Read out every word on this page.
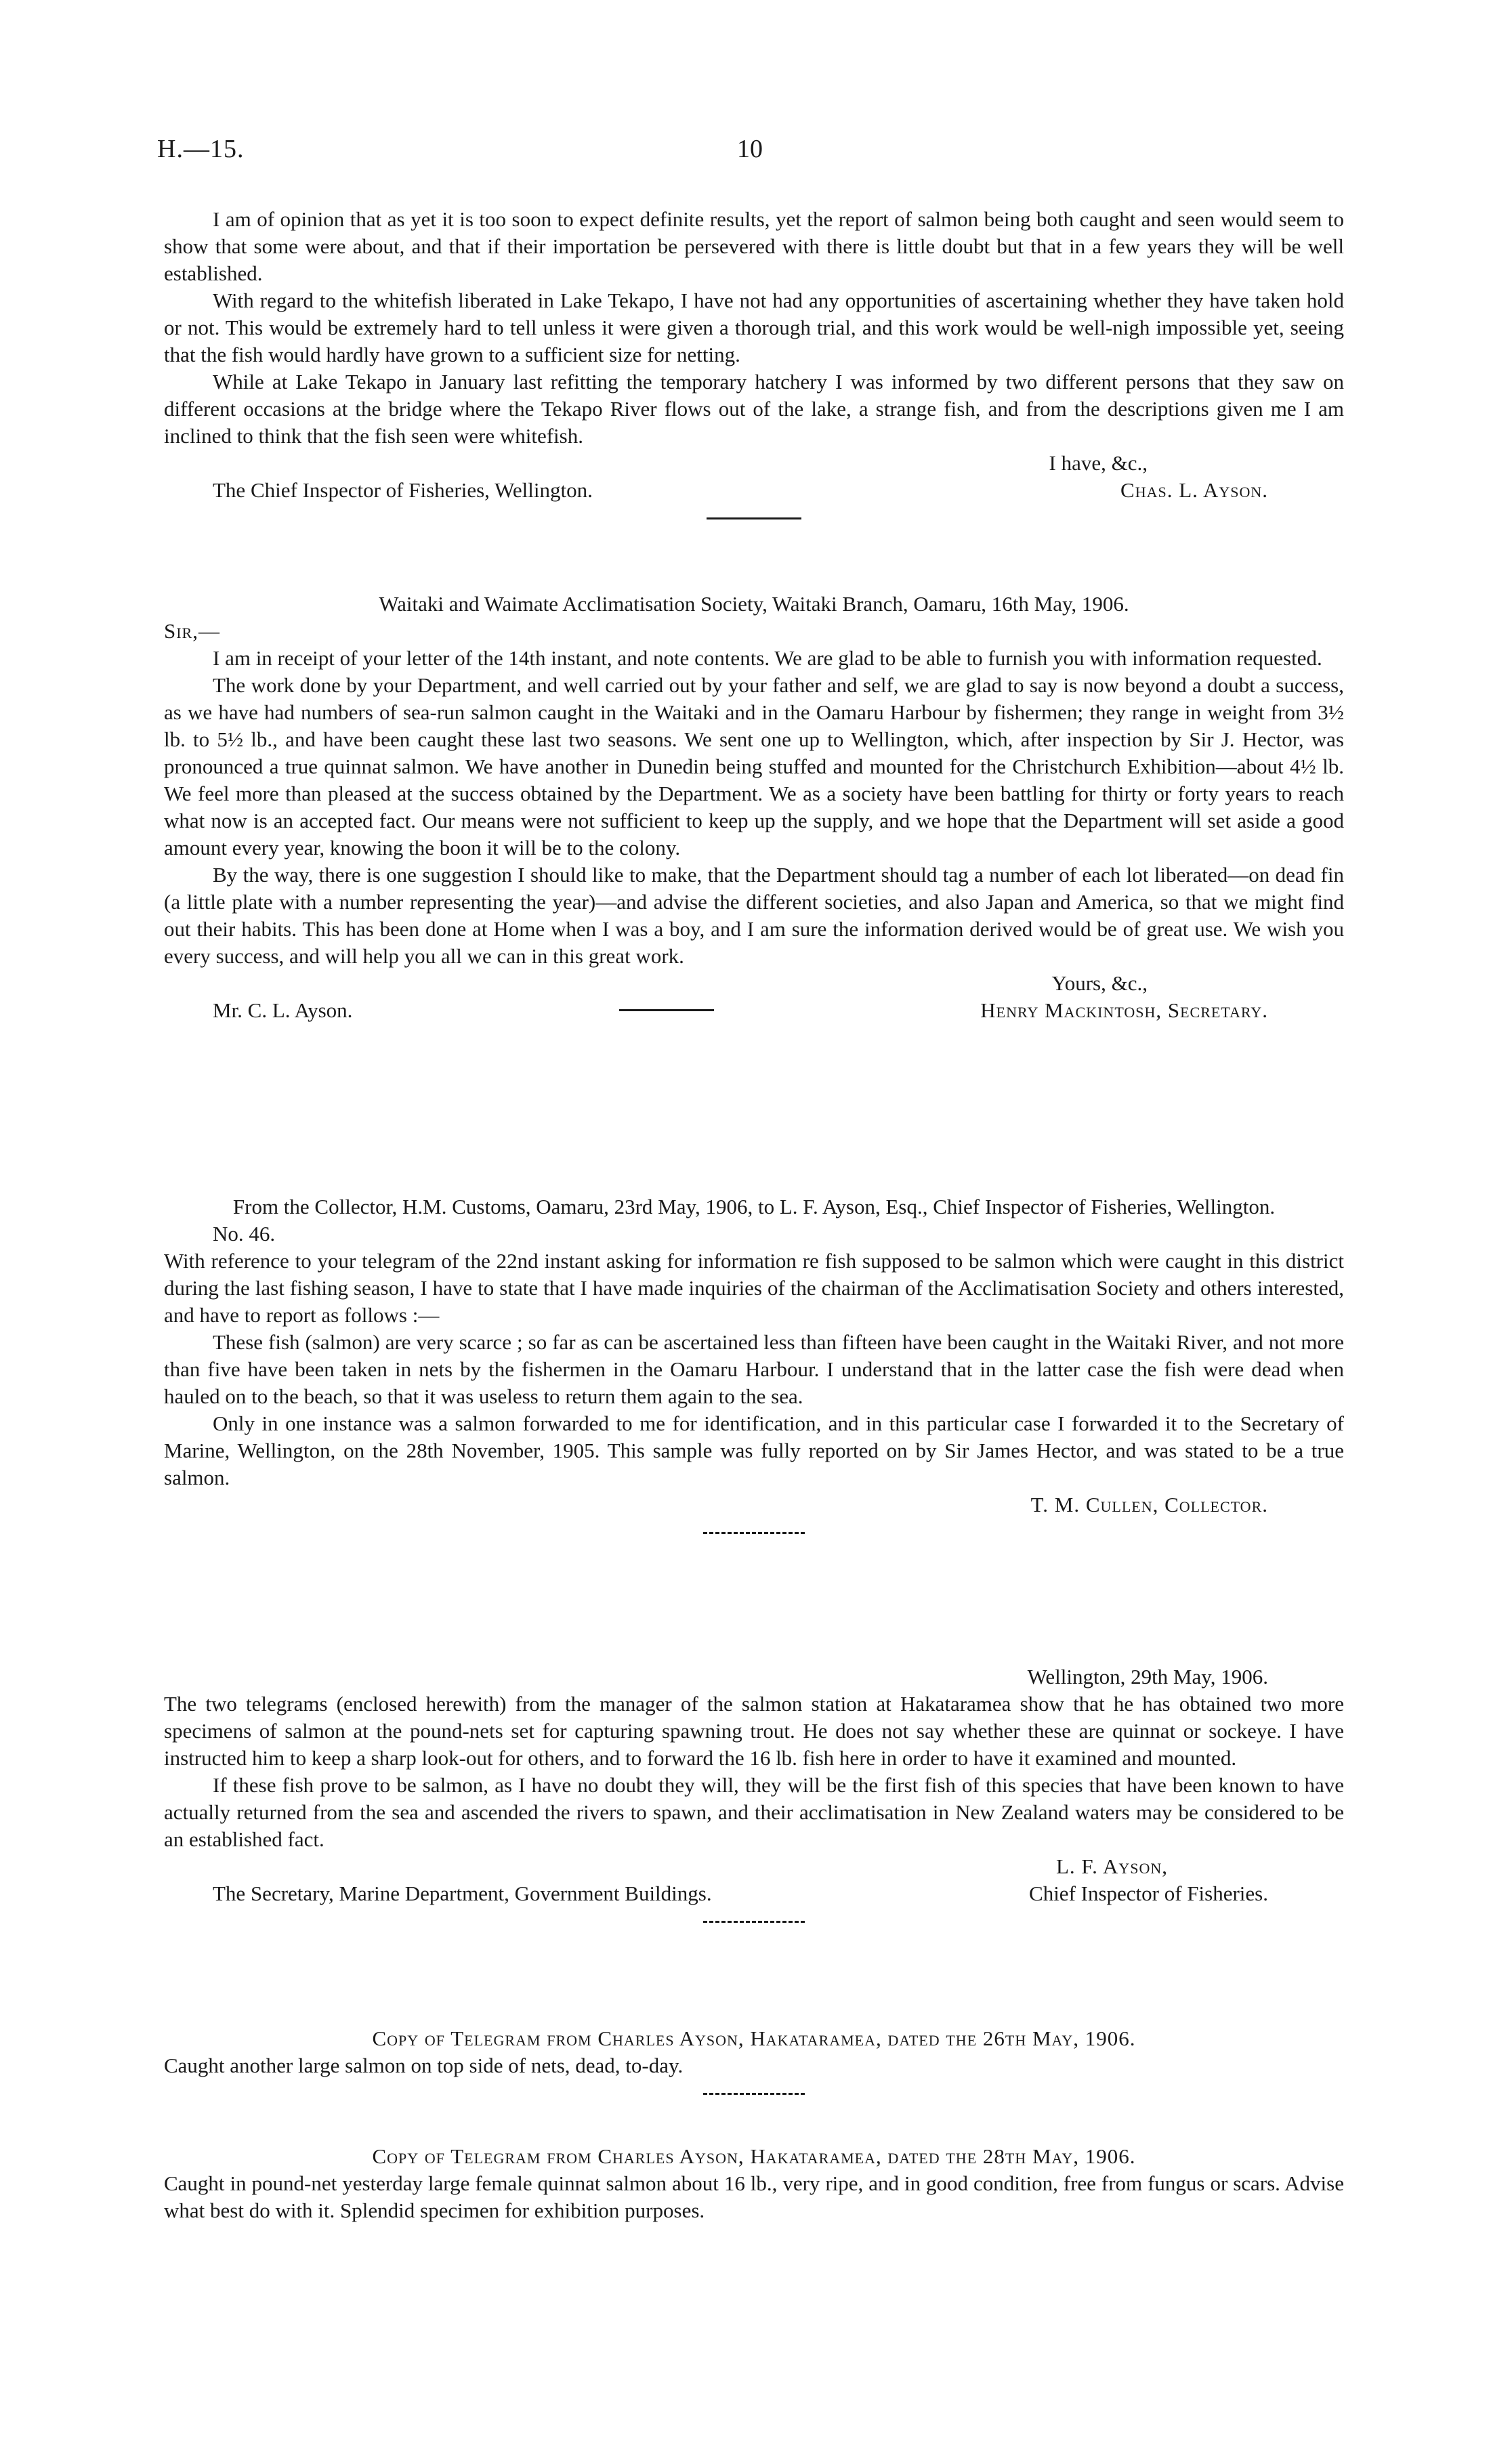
H.—15.	10

I am of opinion that as yet it is too soon to expect definite results, yet the report of salmon being both caught and seen would seem to show that some were about, and that if their importation be persevered with there is little doubt but that in a few years they will be well established.

With regard to the whitefish liberated in Lake Tekapo, I have not had any opportunities of ascertaining whether they have taken hold or not. This would be extremely hard to tell unless it were given a thorough trial, and this work would be well-nigh impossible yet, seeing that the fish would hardly have grown to a sufficient size for netting.

While at Lake Tekapo in January last refitting the temporary hatchery I was informed by two different persons that they saw on different occasions at the bridge where the Tekapo River flows out of the lake, a strange fish, and from the descriptions given me I am inclined to think that the fish seen were whitefish.

I have, &c.,

The Chief Inspector of Fisheries, Wellington.	Chas. L. Ayson.

Waitaki and Waimate Acclimatisation Society, Waitaki Branch, Oamaru, 16th May, 1906.

Sir,—

I am in receipt of your letter of the 14th instant, and note contents. We are glad to be able to furnish you with information requested.

The work done by your Department, and well carried out by your father and self, we are glad to say is now beyond a doubt a success, as we have had numbers of sea-run salmon caught in the Waitaki and in the Oamaru Harbour by fishermen; they range in weight from 3½ lb. to 5½ lb., and have been caught these last two seasons. We sent one up to Wellington, which, after inspection by Sir J. Hector, was pronounced a true quinnat salmon. We have another in Dunedin being stuffed and mounted for the Christchurch Exhibition—about 4½ lb. We feel more than pleased at the success obtained by the Department. We as a society have been battling for thirty or forty years to reach what now is an accepted fact. Our means were not sufficient to keep up the supply, and we hope that the Department will set aside a good amount every year, knowing the boon it will be to the colony.

By the way, there is one suggestion I should like to make, that the Department should tag a number of each lot liberated—on dead fin (a little plate with a number representing the year)—and advise the different societies, and also Japan and America, so that we might find out their habits. This has been done at Home when I was a boy, and I am sure the information derived would be of great use. We wish you every success, and will help you all we can in this great work.

Yours, &c.,

Mr. C. L. Ayson.	Henry Mackintosh, Secretary.

From the Collector, H.M. Customs, Oamaru, 23rd May, 1906, to L. F. Ayson, Esq., Chief Inspector of Fisheries, Wellington.

No. 46.

With reference to your telegram of the 22nd instant asking for information re fish supposed to be salmon which were caught in this district during the last fishing season, I have to state that I have made inquiries of the chairman of the Acclimatisation Society and others interested, and have to report as follows :—

These fish (salmon) are very scarce ; so far as can be ascertained less than fifteen have been caught in the Waitaki River, and not more than five have been taken in nets by the fishermen in the Oamaru Harbour. I understand that in the latter case the fish were dead when hauled on to the beach, so that it was useless to return them again to the sea.

Only in one instance was a salmon forwarded to me for identification, and in this particular case I forwarded it to the Secretary of Marine, Wellington, on the 28th November, 1905. This sample was fully reported on by Sir James Hector, and was stated to be a true salmon.

T. M. Cullen, Collector.

Wellington, 29th May, 1906.

The two telegrams (enclosed herewith) from the manager of the salmon station at Hakataramea show that he has obtained two more specimens of salmon at the pound-nets set for capturing spawning trout. He does not say whether these are quinnat or sockeye. I have instructed him to keep a sharp look-out for others, and to forward the 16 lb. fish here in order to have it examined and mounted.

If these fish prove to be salmon, as I have no doubt they will, they will be the first fish of this species that have been known to have actually returned from the sea and ascended the rivers to spawn, and their acclimatisation in New Zealand waters may be considered to be an established fact.

L. F. Ayson,

The Secretary, Marine Department, Government Buildings.	Chief Inspector of Fisheries.

Copy of Telegram from Charles Ayson, Hakataramea, dated the 26th May, 1906.

Caught another large salmon on top side of nets, dead, to-day.

Copy of Telegram from Charles Ayson, Hakataramea, dated the 28th May, 1906.

Caught in pound-net yesterday large female quinnat salmon about 16 lb., very ripe, and in good condition, free from fungus or scars. Advise what best do with it. Splendid specimen for exhibition purposes.
